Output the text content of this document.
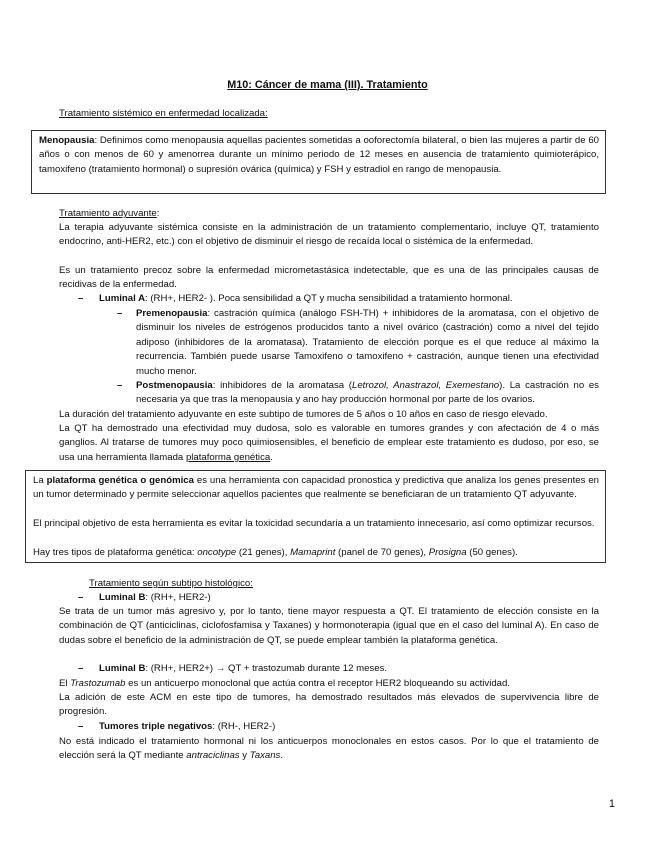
M10: Cáncer de mama (III). Tratamiento
Tratamiento sistémico en enfermedad localizada:

Menopausia: Definimos como menopausia aquellas pacientes sometidas a ooforectomía bilateral, o bien las mujeres a partir de 60 años o con menos de 60 y amenorrea durante un mínimo periodo de 12 meses en ausencia de tratamiento quimioterápico, tamoxifeno (tratamiento hormonal) o supresión ovárica (química) y FSH y estradiol en rango de menopausia.

Tratamiento adyuvante:

La terapia adyuvante sistémica consiste en la administración de un tratamiento complementario, incluye QT, tratamiento endocrino, anti-HER2, etc.) con el objetivo de disminuir el riesgo de recaída local o sistémica de la enfermedad.

Es un tratamiento precoz sobre la enfermedad micrometastásica indetectable, que es una de las principales causas de recidivas de la enfermedad.

– Luminal A: (RH+, HER2- ). Poca sensibilidad a QT y mucha sensibilidad a tratamiento hormonal.

– Premenopausia: castración química (análogo FSH-TH) + inhibidores de la aromatasa, con el objetivo de disminuir los niveles de estrógenos producidos tanto a nivel ovárico (castración) como a nivel del tejido adiposo (inhibidores de la aromatasa). Tratamiento de elección porque es el que reduce al máximo la recurrencia. También puede usarse Tamoxifeno o tamoxifeno + castración, aunque tienen una efectividad mucho menor.

– Postmenopausia: inhibidores de la aromatasa (Letrozol, Anastrazol, Exemestano). La castración no es necesaria ya que tras la menopausia y ano hay producción hormonal por parte de los ovarios.

La duración del tratamiento adyuvante en este subtipo de tumores de 5 años o 10 años en caso de riesgo elevado.

La QT ha demostrado una efectividad muy dudosa, solo es valorable en tumores grandes y con afectación de 4 o más ganglios. Al tratarse de tumores muy poco quimiosensibles, el beneficio de emplear este tratamiento es dudoso, por eso, se usa una herramienta llamada plataforma genética.

La plataforma genética o genómica es una herramienta con capacidad pronostica y predictiva que analiza los genes presentes en un tumor determinado y permite seleccionar aquellos pacientes que realmente se beneficiaran de un tratamiento QT adyuvante.

El principal objetivo de esta herramienta es evitar la toxicidad secundaria a un tratamiento innecesario, así como optimizar recursos.

Hay tres tipos de plataforma genética: oncotype (21 genes), Mamaprint (panel de 70 genes), Prosigna (50 genes).

Tratamiento según subtipo histológico:
– Luminal B: (RH+, HER2-)

Se trata de un tumor más agresivo y, por lo tanto, tiene mayor respuesta a QT. El tratamiento de elección consiste en la combinación de QT (anticiclinas, ciclofosfamisa y Taxanes) y hormonoterapia (igual que en el caso del luminal A). En caso de dudas sobre el beneficio de la administración de QT, se puede emplear también la plataforma genética.

– Luminal B: (RH+, HER2+) → QT + trastozumab durante 12 meses.

El Trastozumab es un anticuerpo monoclonal que actúa contra el receptor HER2 bloqueando su actividad.

La adición de este ACM en este tipo de tumores, ha demostrado resultados más elevados de supervivencia libre de progresión.

– Tumores triple negativos: (RH-, HER2-)

No está indicado el tratamiento hormonal ni los anticuerpos monoclonales en estos casos. Por lo que el tratamiento de elección será la QT mediante antraciclinas y Taxans.

1
